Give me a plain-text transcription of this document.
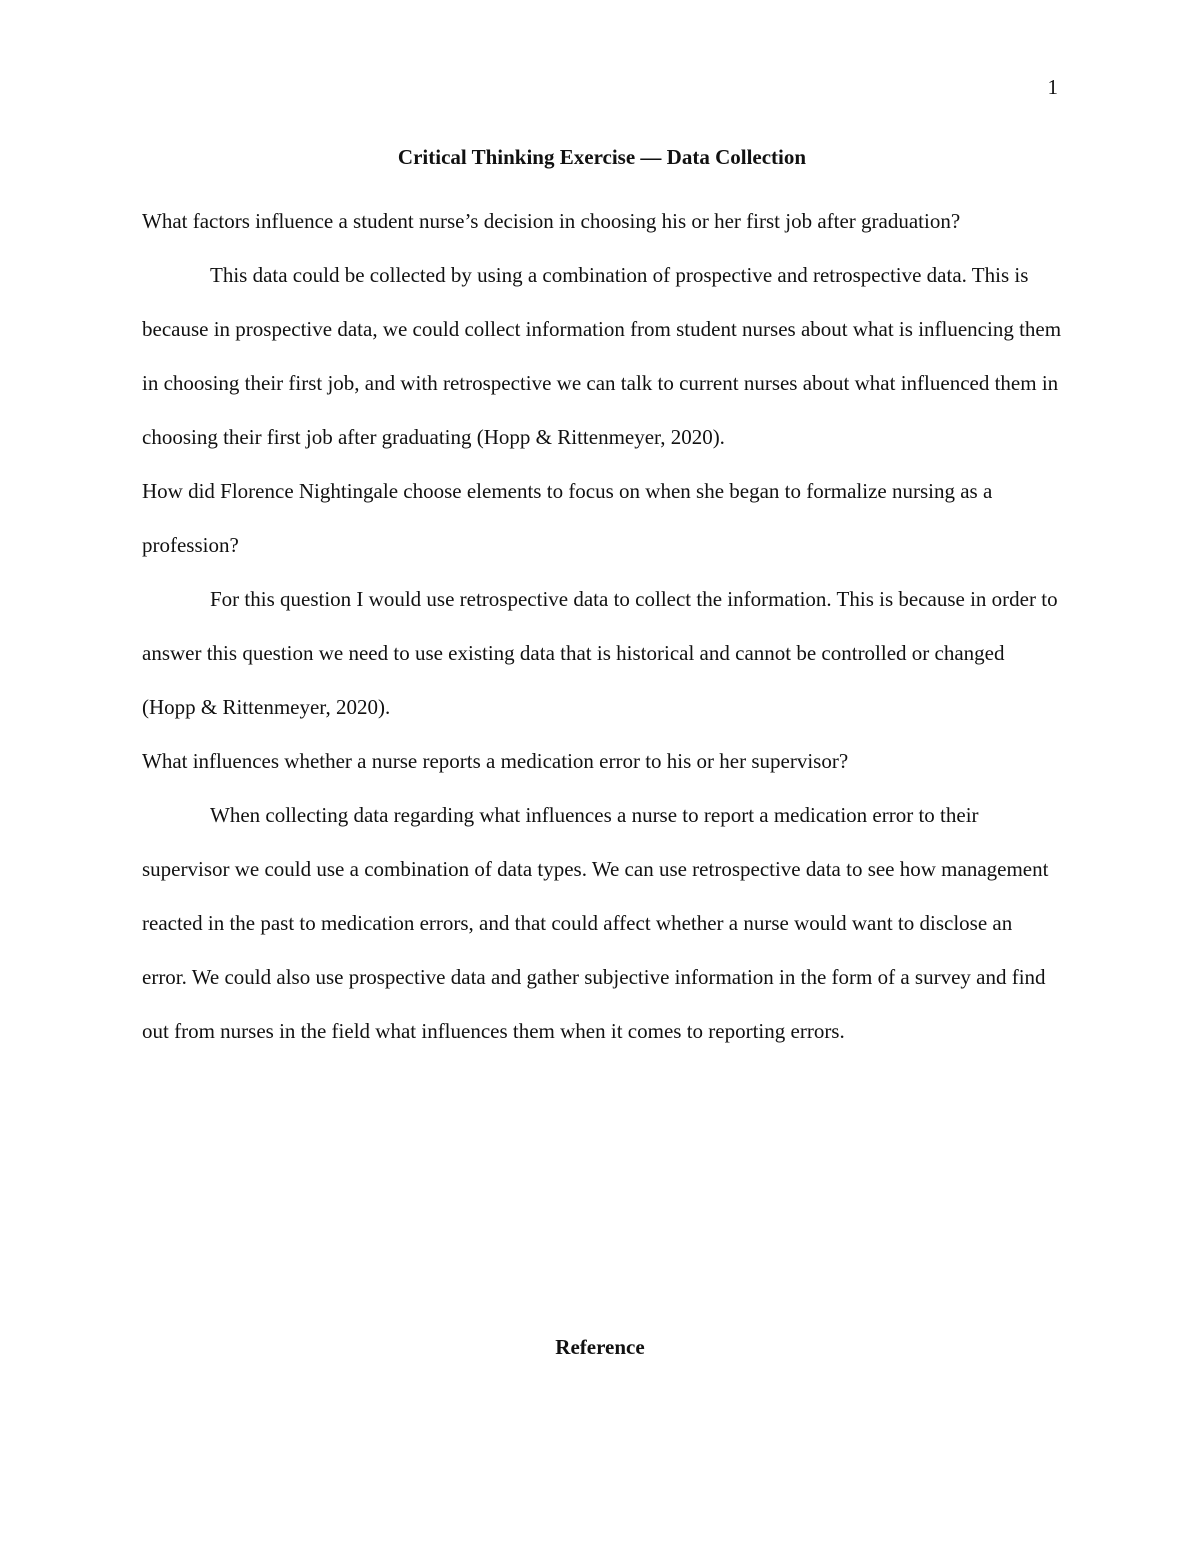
1
Critical Thinking Exercise — Data Collection

What factors influence a student nurse’s decision in choosing his or her first job after graduation?

This data could be collected by using a combination of prospective and retrospective data. This is because in prospective data, we could collect information from student nurses about what is influencing them in choosing their first job, and with retrospective we can talk to current nurses about what influenced them in choosing their first job after graduating (Hopp & Rittenmeyer, 2020).

How did Florence Nightingale choose elements to focus on when she began to formalize nursing as a profession?

For this question I would use retrospective data to collect the information. This is because in order to answer this question we need to use existing data that is historical and cannot be controlled or changed (Hopp & Rittenmeyer, 2020).

What influences whether a nurse reports a medication error to his or her supervisor?

When collecting data regarding what influences a nurse to report a medication error to their supervisor we could use a combination of data types. We can use retrospective data to see how management reacted in the past to medication errors, and that could affect whether a nurse would want to disclose an error. We could also use prospective data and gather subjective information in the form of a survey and find out from nurses in the field what influences them when it comes to reporting errors.

Reference
